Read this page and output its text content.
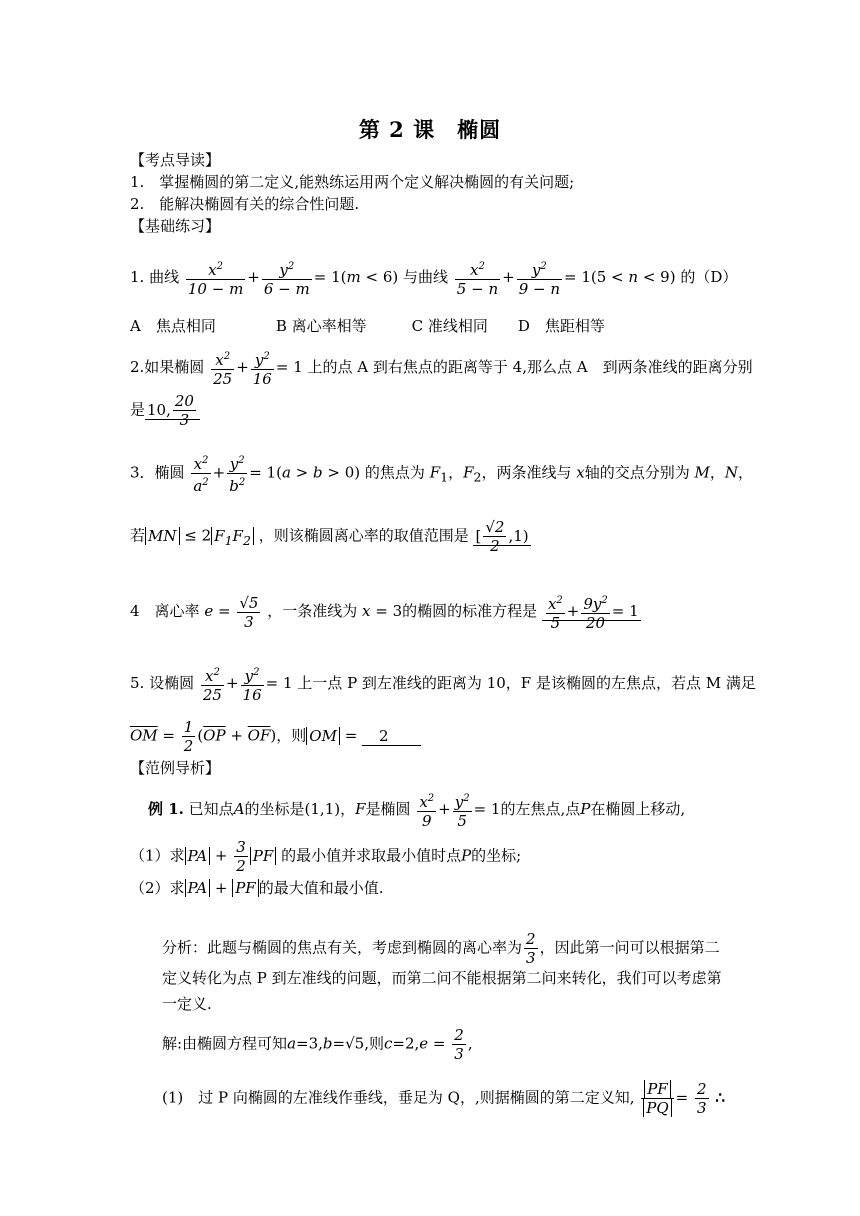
第 2 课　椭圆
【考点导读】
1.　掌握椭圆的第二定义,能熟练运用两个定义解决椭圆的有关问题;
2.　能解决椭圆有关的综合性问题.
【基础练习】
1. 曲线 $\frac{x^2}{10 - m} + \frac{y^2}{6 - m} = 1(m < 6)$ 与曲线 $\frac{x^2}{5 - n} + \frac{y^2}{9 - n} = 1(5 < n < 9)$ 的（D）
A　焦点相同　　　　B 离心率相等　　　C 准线相同　　D　焦距相等
2.如果椭圆 $\frac{x^2}{25} + \frac{y^2}{16} = 1$ 上的点 A 到右焦点的距离等于 4,那么点 A　到两条准线的距离分别
是 10, $\frac{20}{3}$
3．椭圆 $\frac{x^2}{a^2} + \frac{y^2}{b^2} = 1(a > b > 0)$ 的焦点为 $F_1$，$F_2$，两条准线与 x轴的交点分别为 M，N，
若 MN ≤ 2 $F_1F_2$ ，则该椭圆离心率的取值范围是 [ $\frac{√2}{2} ,1$)
4　离心率 $e = \frac{√5}{3}$ ，一条准线为 x = 3的椭圆的标准方程是 $\frac{x^2}{5} + \frac{9y^2}{20} = 1$
5. 设椭圆 $\frac{x^2}{25} + \frac{y^2}{16} = 1$ 上一点 P 到左准线的距离为 10，F 是该椭圆的左焦点，若点 M 满足
$\overline{OM} = \frac{1}{2} (\overline{OP} + \overline{OF})$，则 OM = 　2　　
【范例导析】
例 1. 已知点A的坐标是(1,1)，F是椭圆 $\frac{x^2}{9} + \frac{y^2}{5} = 1$的左焦点,点P在椭圆上移动,
（1）求 PA + $\frac{3}{2}$ PF 的最小值并求取最小值时点P的坐标;
（2）求 PA + PF 的最大值和最小值.
分析：此题与椭圆的焦点有关，考虑到椭圆的离心率为 $\frac{2}{3}$ ，因此第一问可以根据第二
定义转化为点 P 到左准线的问题，而第二问不能根据第二问来转化，我们可以考虑第
一定义.
解:由椭圆方程可知a=3,b=√5,则$c=2,e = \frac{2}{3}$ ,
(1)　过 P 向椭圆的左准线作垂线，垂足为 Q，,则据椭圆的第二定义知, $\frac{PF}{PQ} = \frac{2}{3}$ ∴
